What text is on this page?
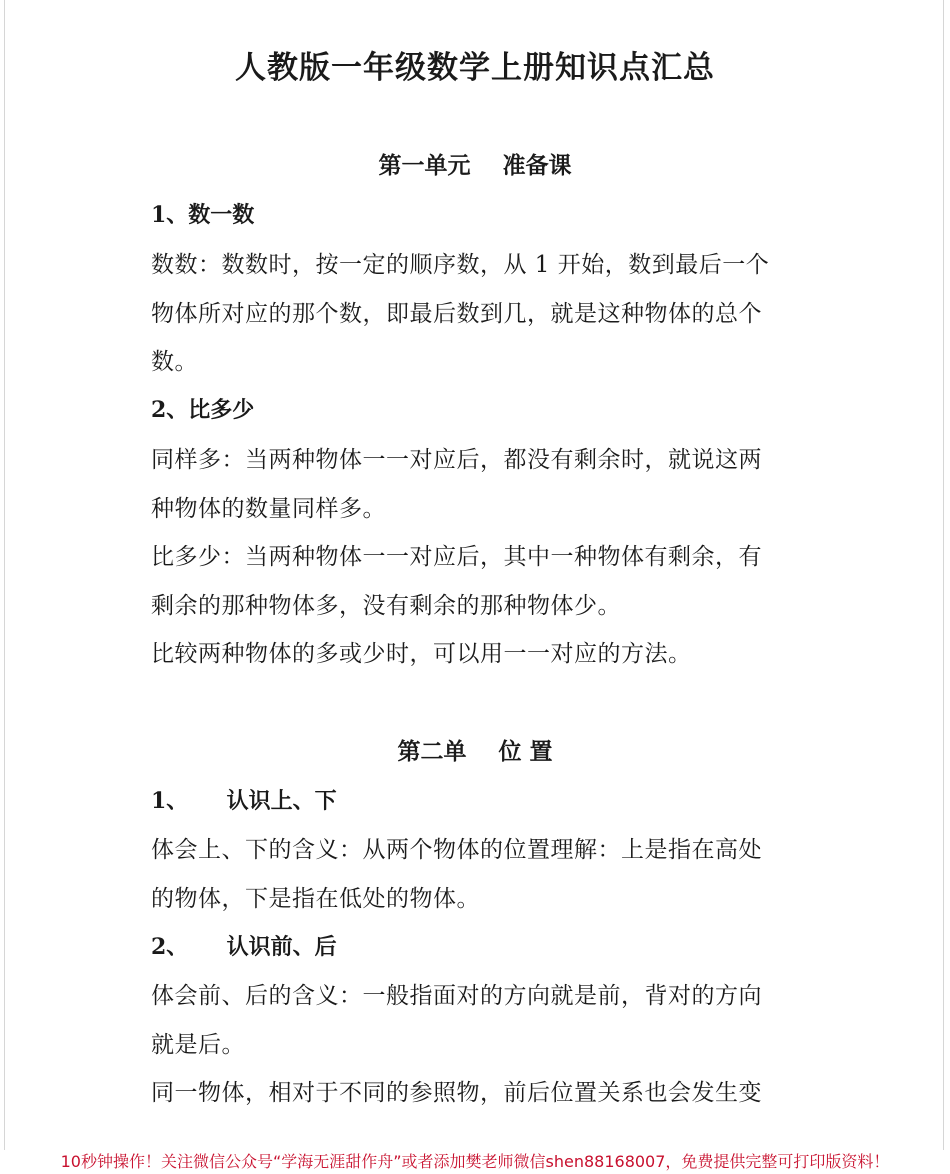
人教版一年级数学上册知识点汇总
第一单元    准备课
1、数一数

数数：数数时，按一定的顺序数，从 1 开始，数到最后一个
物体所对应的那个数，即最后数到几，就是这种物体的总个
数。

2、比多少

同样多：当两种物体一一对应后，都没有剩余时，就说这两
种物体的数量同样多。

比多少：当两种物体一一对应后，其中一种物体有剩余，有
剩余的那种物体多，没有剩余的那种物体少。

比较两种物体的多或少时，可以用一一对应的方法。

第二单    位 置
1、     认识上、下

体会上、下的含义：从两个物体的位置理解：上是指在高处
的物体，下是指在低处的物体。

2、     认识前、后

体会前、后的含义：一般指面对的方向就是前，背对的方向
就是后。

同一物体，相对于不同的参照物，前后位置关系也会发生变

10秒钟操作！关注微信公众号“学海无涯甜作舟”或者添加樊老师微信shen88168007，免费提供完整可打印版资料！
